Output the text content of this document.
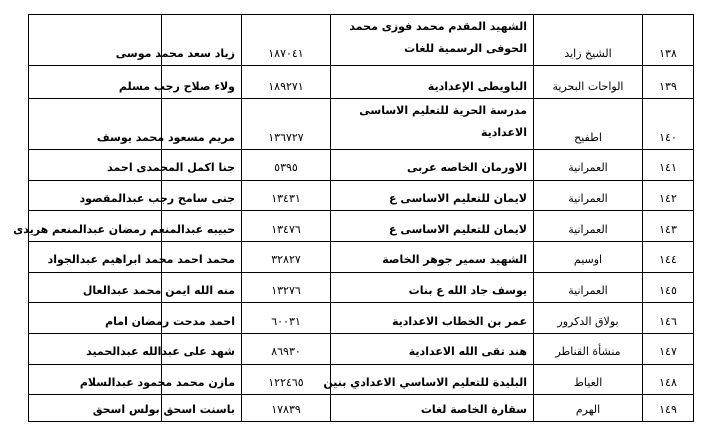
١٣٨	الشيخ زايد	الشهيد المقدم محمد فوزى محمد الحوفى الرسمية للغات	١٨٧٠٤١	زياد سعد محمد موسى	
١٣٩	الواحات البحرية	الباويطى الإعدادية	١٨٩٢٧١	ولاء صلاح رجب مسلم	
١٤٠	اطفيح	مدرسة الحرية للتعليم الاساسى الاعدادية	١٣٦٧٢٧	مريم مسعود محمد يوسف	
١٤١	العمرانية	الاورمان الخاصه عربى	٥٣٩٥	جنا اكمل المحمدى احمد	
١٤٢	العمرانية	لايمان للتعليم الاساسى ع	١٣٤٣١	جنى سامح رجب عبدالمقصود	
١٤٣	العمرانية	لايمان للتعليم الاساسى ع	١٣٤٧٦	حبيبه عبدالمنعم رمضان عبدالمنعم هريدى	
١٤٤	اوسيم	الشهيد سمير جوهر الخاصة	٣٢٨٢٧	محمد احمد محمد ابراهيم عبدالجواد	
١٤٥	العمرانية	يوسف جاد الله ع بنات	١٣٢٧٦	منه الله ايمن محمد عبدالعال	
١٤٦	بولاق الدكرور	عمر بن الخطاب الاعدادية	٦٠٠٣١	احمد مدحت رمضان امام	
١٤٧	منشأة القناطر	هند تقى الله الاعدادية	٨٦٩٣٠	شهد على عبدالله عبدالحميد	
١٤٨	العياط	البليدة للتعليم الاساسي الاعدادي بنين	١٢٢٤٦٥	مازن محمد محمود عبدالسلام	
١٤٩	الهرم	سقارة الخاصة لغات	١٧٨٣٩	باسنت اسحق بولس اسحق	
